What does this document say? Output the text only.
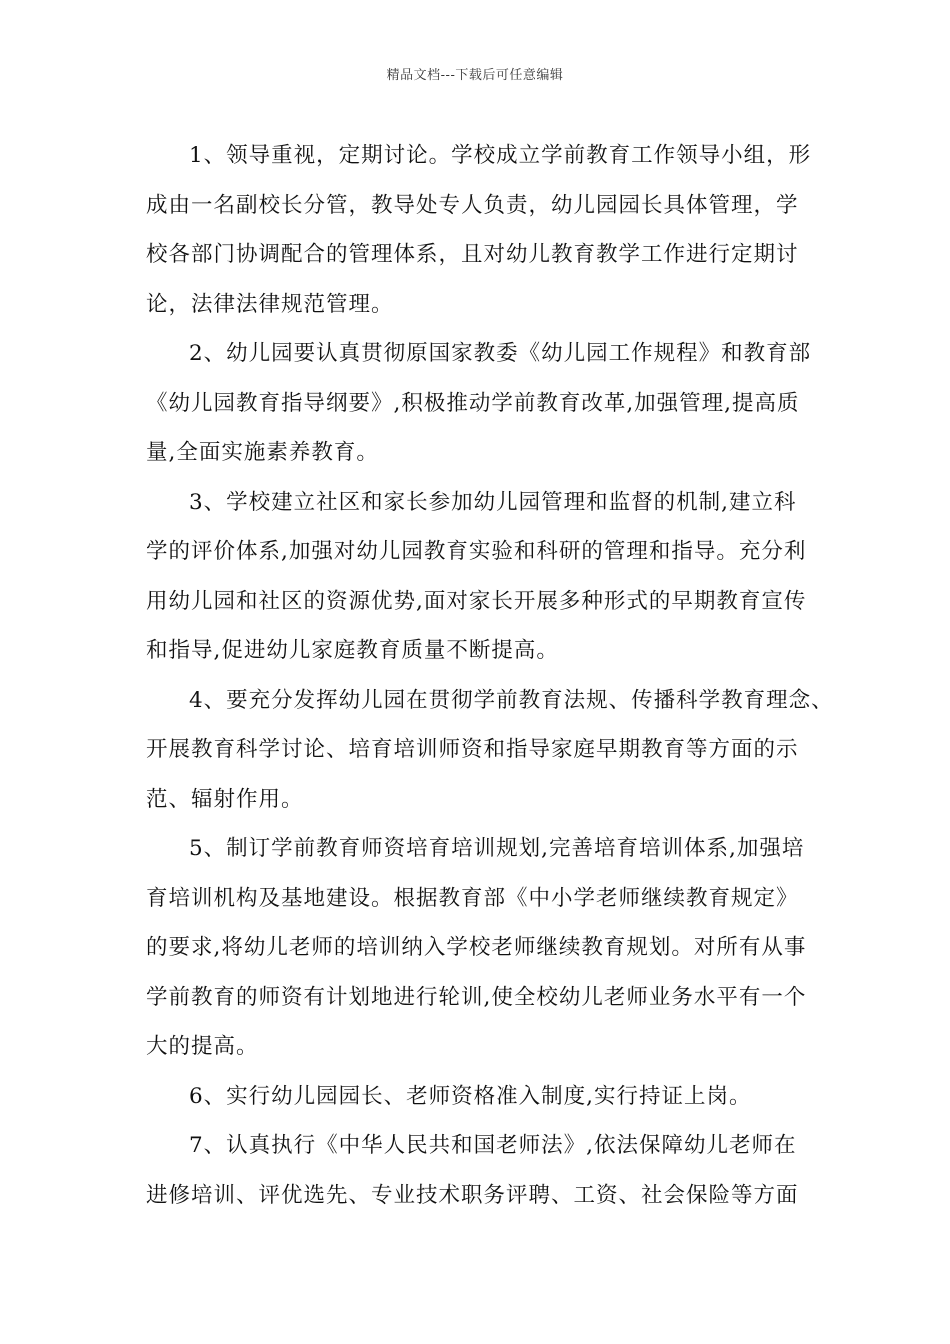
精品文档---下载后可任意编辑
1、领导重视，定期讨论。学校成立学前教育工作领导小组，形
成由一名副校长分管，教导处专人负责，幼儿园园长具体管理，学
校各部门协调配合的管理体系，且对幼儿教育教学工作进行定期讨
论，法律法律规范管理。
2、幼儿园要认真贯彻原国家教委《幼儿园工作规程》和教育部
《幼儿园教育指导纲要》,积极推动学前教育改革,加强管理,提高质
量,全面实施素养教育。
3、学校建立社区和家长参加幼儿园管理和监督的机制,建立科
学的评价体系,加强对幼儿园教育实验和科研的管理和指导。充分利
用幼儿园和社区的资源优势,面对家长开展多种形式的早期教育宣传
和指导,促进幼儿家庭教育质量不断提高。
4、要充分发挥幼儿园在贯彻学前教育法规、传播科学教育理念、
开展教育科学讨论、培育培训师资和指导家庭早期教育等方面的示
范、辐射作用。
5、制订学前教育师资培育培训规划,完善培育培训体系,加强培
育培训机构及基地建设。根据教育部《中小学老师继续教育规定》
的要求,将幼儿老师的培训纳入学校老师继续教育规划。对所有从事
学前教育的师资有计划地进行轮训,使全校幼儿老师业务水平有一个
大的提高。
6、实行幼儿园园长、老师资格准入制度,实行持证上岗。
7、认真执行《中华人民共和国老师法》,依法保障幼儿老师在
进修培训、评优选先、专业技术职务评聘、工资、社会保险等方面
